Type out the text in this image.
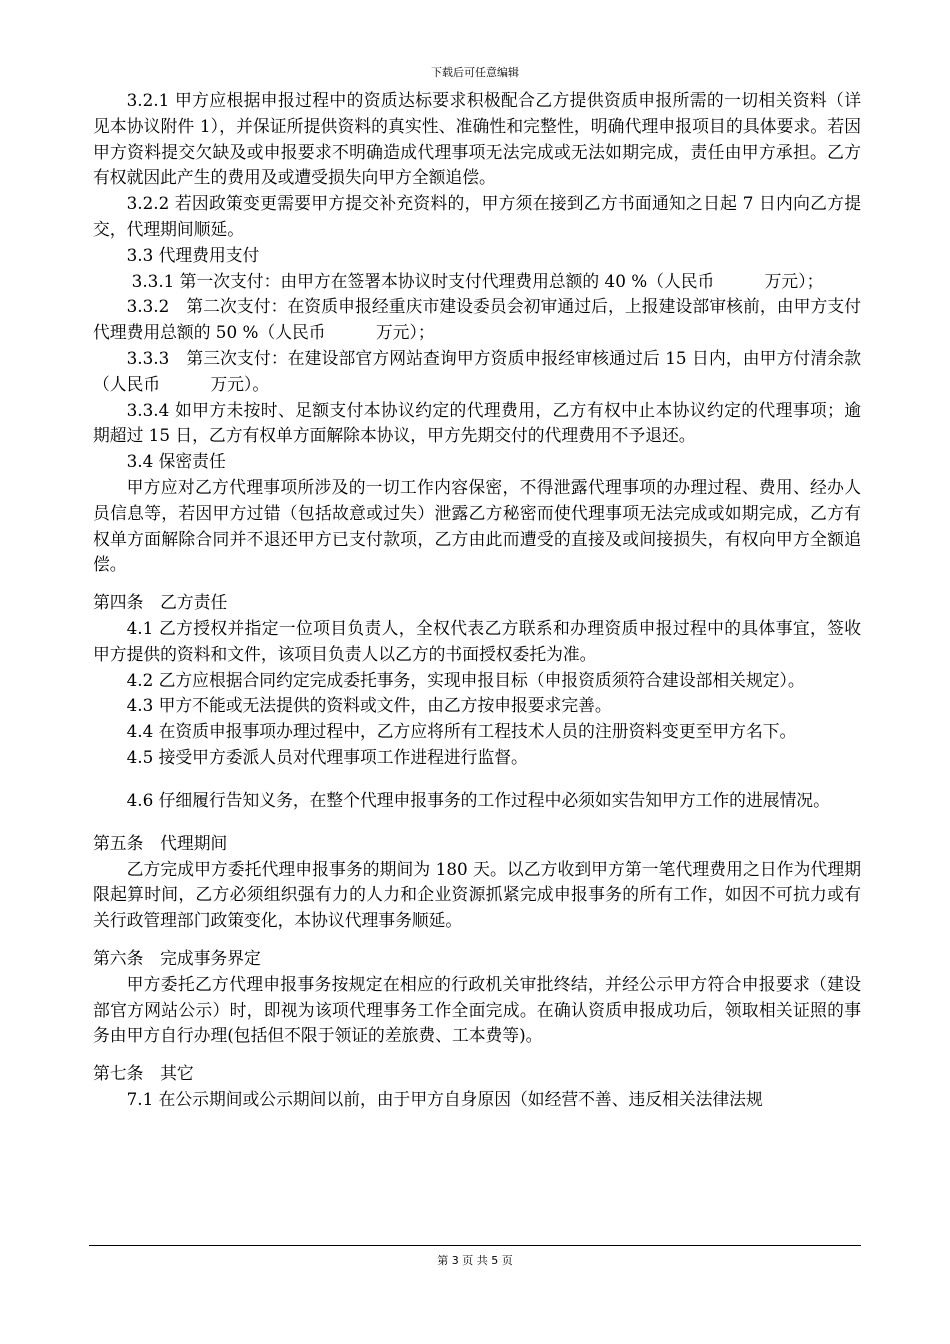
下载后可任意编辑

3.2.1 甲方应根据申报过程中的资质达标要求积极配合乙方提供资质申报所需的一切相关资料（详见本协议附件 1），并保证所提供资料的真实性、准确性和完整性，明确代理申报项目的具体要求。若因甲方资料提交欠缺及或申报要求不明确造成代理事项无法完成或无法如期完成，责任由甲方承担。乙方有权就因此产生的费用及或遭受损失向甲方全额追偿。

3.2.2 若因政策变更需要甲方提交补充资料的，甲方须在接到乙方书面通知之日起 7 日内向乙方提交，代理期间顺延。

3.3 代理费用支付

3.3.1 第一次支付：由甲方在签署本协议时支付代理费用总额的 40 %（人民币　　　万元）；

3.3.2　第二次支付：在资质申报经重庆市建设委员会初审通过后，上报建设部审核前，由甲方支付代理费用总额的 50 %（人民币　　　万元）；

3.3.3　第三次支付：在建设部官方网站查询甲方资质申报经审核通过后 15 日内，由甲方付清余款（人民币　　　万元）。

3.3.4 如甲方未按时、足额支付本协议约定的代理费用，乙方有权中止本协议约定的代理事项；逾期超过 15 日，乙方有权单方面解除本协议，甲方先期交付的代理费用不予退还。

3.4 保密责任

甲方应对乙方代理事项所涉及的一切工作内容保密，不得泄露代理事项的办理过程、费用、经办人员信息等，若因甲方过错（包括故意或过失）泄露乙方秘密而使代理事项无法完成或如期完成，乙方有权单方面解除合同并不退还甲方已支付款项，乙方由此而遭受的直接及或间接损失，有权向甲方全额追偿。

第四条　乙方责任

4.1 乙方授权并指定一位项目负责人，全权代表乙方联系和办理资质申报过程中的具体事宜，签收甲方提供的资料和文件，该项目负责人以乙方的书面授权委托为准。

4.2 乙方应根据合同约定完成委托事务，实现申报目标（申报资质须符合建设部相关规定）。

4.3 甲方不能或无法提供的资料或文件，由乙方按申报要求完善。

4.4 在资质申报事项办理过程中，乙方应将所有工程技术人员的注册资料变更至甲方名下。

4.5 接受甲方委派人员对代理事项工作进程进行监督。

4.6 仔细履行告知义务，在整个代理申报事务的工作过程中必须如实告知甲方工作的进展情况。

第五条　代理期间

乙方完成甲方委托代理申报事务的期间为 180 天。以乙方收到甲方第一笔代理费用之日作为代理期限起算时间，乙方必须组织强有力的人力和企业资源抓紧完成申报事务的所有工作，如因不可抗力或有关行政管理部门政策变化，本协议代理事务顺延。

第六条　完成事务界定

甲方委托乙方代理申报事务按规定在相应的行政机关审批终结，并经公示甲方符合申报要求（建设部官方网站公示）时，即视为该项代理事务工作全面完成。在确认资质申报成功后，领取相关证照的事务由甲方自行办理(包括但不限于领证的差旅费、工本费等)。

第七条　其它

7.1 在公示期间或公示期间以前，由于甲方自身原因（如经营不善、违反相关法律法规

第 3 页 共 5 页
